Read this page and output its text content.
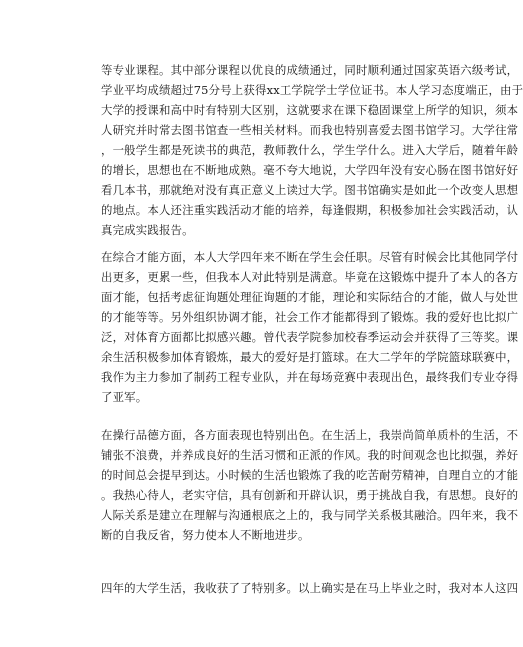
等专业课程。其中部分课程以优良的成绩通过，同时顺利通过国家英语六级考试，
学业平均成绩超过75分号上获得xx工学院学士学位证书。本人学习态度端正，由于
大学的授课和高中时有特别大区别，这就要求在课下稳固课堂上所学的知识，须本
人研究并时常去图书馆查一些相关材料。而我也特别喜爱去图书馆学习。大学往常
，一般学生都是死读书的典范，教师教什么，学生学什么。进入大学后，随着年龄
的增长，思想也在不断地成熟。毫不夸大地说，大学四年没有安心肠在图书馆好好
看几本书，那就绝对没有真正意义上读过大学。图书馆确实是如此一个改变人思想
的地点。本人还注重实践活动才能的培养，每逢假期，积极参加社会实践活动，认
真完成实践报告。
在综合才能方面，本人大学四年来不断在学生会任职。尽管有时候会比其他同学付
出更多，更累一些，但我本人对此特别是满意。毕竟在这锻炼中提升了本人的各方
面才能，包括考虑征询题处理征询题的才能，理论和实际结合的才能，做人与处世
的才能等等。另外组织协调才能，社会工作才能都得到了锻炼。我的爱好也比拟广
泛，对体育方面都比拟感兴趣。曾代表学院参加校春季运动会并获得了三等奖。课
余生活积极参加体育锻炼，最大的爱好是打篮球。在大二学年的学院篮球联赛中，
我作为主力参加了制药工程专业队，并在每场竞赛中表现出色，最终我们专业夺得
了亚军。
在操行品德方面，各方面表现也特别出色。在生活上，我崇尚简单质朴的生活，不
铺张不浪费，并养成良好的生活习惯和正派的作风。我的时间观念也比拟强，养好
的时间总会提早到达。小时候的生活也锻炼了我的吃苦耐劳精神，自理自立的才能
。我热心待人，老实守信，具有创新和开辟认识，勇于挑战自我，有思想。良好的
人际关系是建立在理解与沟通根底之上的，我与同学关系极其融洽。四年来，我不
断的自我反省，努力使本人不断地进步。
四年的大学生活，我收获了了特别多。以上确实是在马上毕业之时，我对本人这四
